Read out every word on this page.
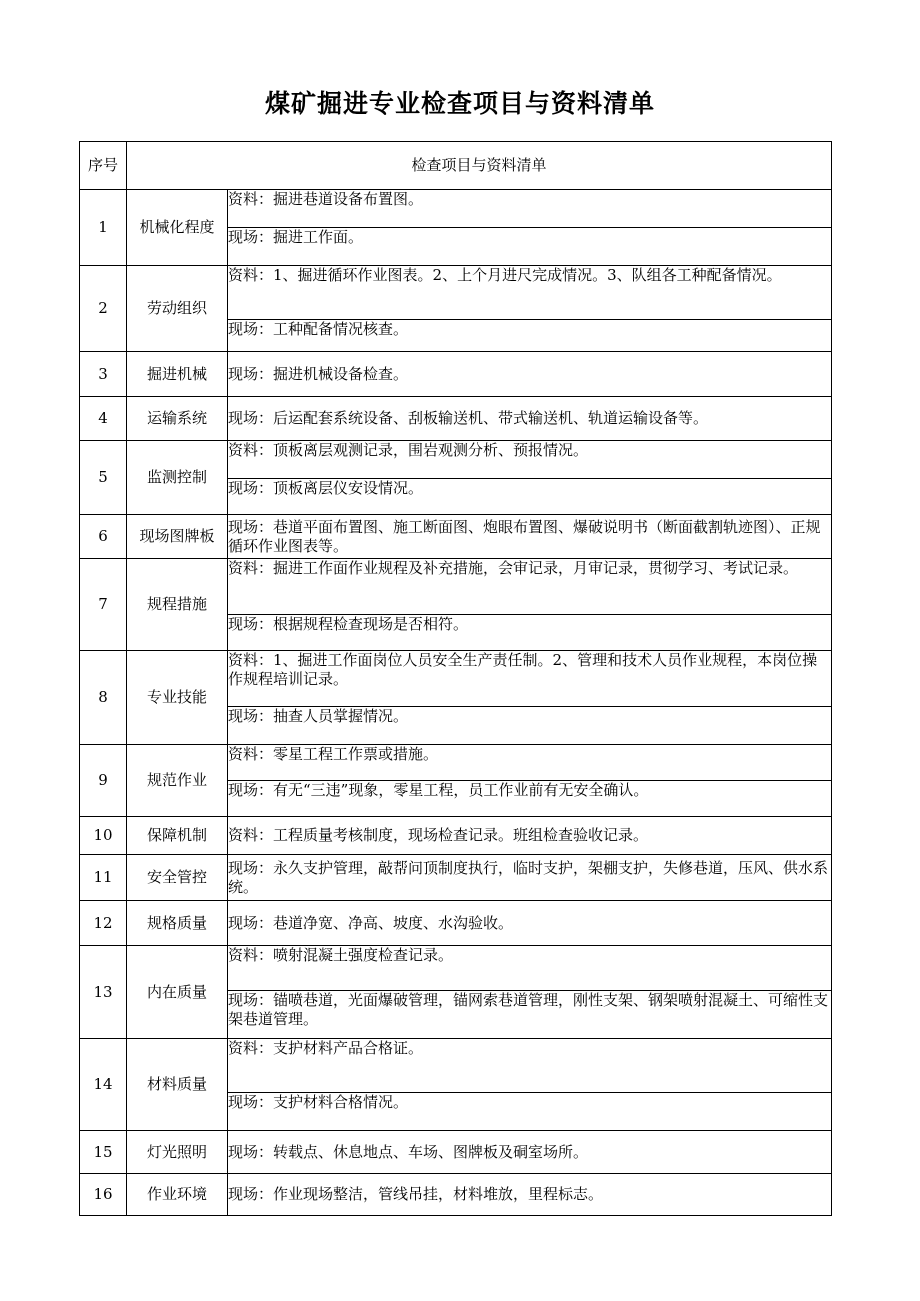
煤矿掘进专业检查项目与资料清单
序号	检查项目与资料清单	
1	机械化程度	资料：掘进巷道设备布置图。
		现场：掘进工作面。
2	劳动组织	资料：1、掘进循环作业图表。2、上个月进尺完成情况。3、队组各工种配备情况。
		现场：工种配备情况核查。
3	掘进机械	现场：掘进机械设备检查。
4	运输系统	现场：后运配套系统设备、刮板输送机、带式输送机、轨道运输设备等。
5	监测控制	资料：顶板离层观测记录，围岩观测分析、预报情况。
		现场：顶板离层仪安设情况。
6	现场图牌板	现场：巷道平面布置图、施工断面图、炮眼布置图、爆破说明书（断面截割轨迹图）、正规循环作业图表等。
7	规程措施	资料：掘进工作面作业规程及补充措施，会审记录，月审记录，贯彻学习、考试记录。
		现场：根据规程检查现场是否相符。
8	专业技能	资料：1、掘进工作面岗位人员安全生产责任制。2、管理和技术人员作业规程，本岗位操作规程培训记录。
		现场：抽查人员掌握情况。
9	规范作业	资料：零星工程工作票或措施。
		现场：有无“三违”现象，零星工程，员工作业前有无安全确认。
10	保障机制	资料：工程质量考核制度，现场检查记录。班组检查验收记录。
11	安全管控	现场：永久支护管理，敲帮问顶制度执行，临时支护，架棚支护，失修巷道，压风、供水系统。
12	规格质量	现场：巷道净宽、净高、坡度、水沟验收。
13	内在质量	资料：喷射混凝土强度检查记录。
		现场：锚喷巷道，光面爆破管理，锚网索巷道管理，刚性支架、钢架喷射混凝土、可缩性支架巷道管理。
14	材料质量	资料：支护材料产品合格证。
		现场：支护材料合格情况。
15	灯光照明	现场：转载点、休息地点、车场、图牌板及硐室场所。
16	作业环境	现场：作业现场整洁，管线吊挂，材料堆放，里程标志。
